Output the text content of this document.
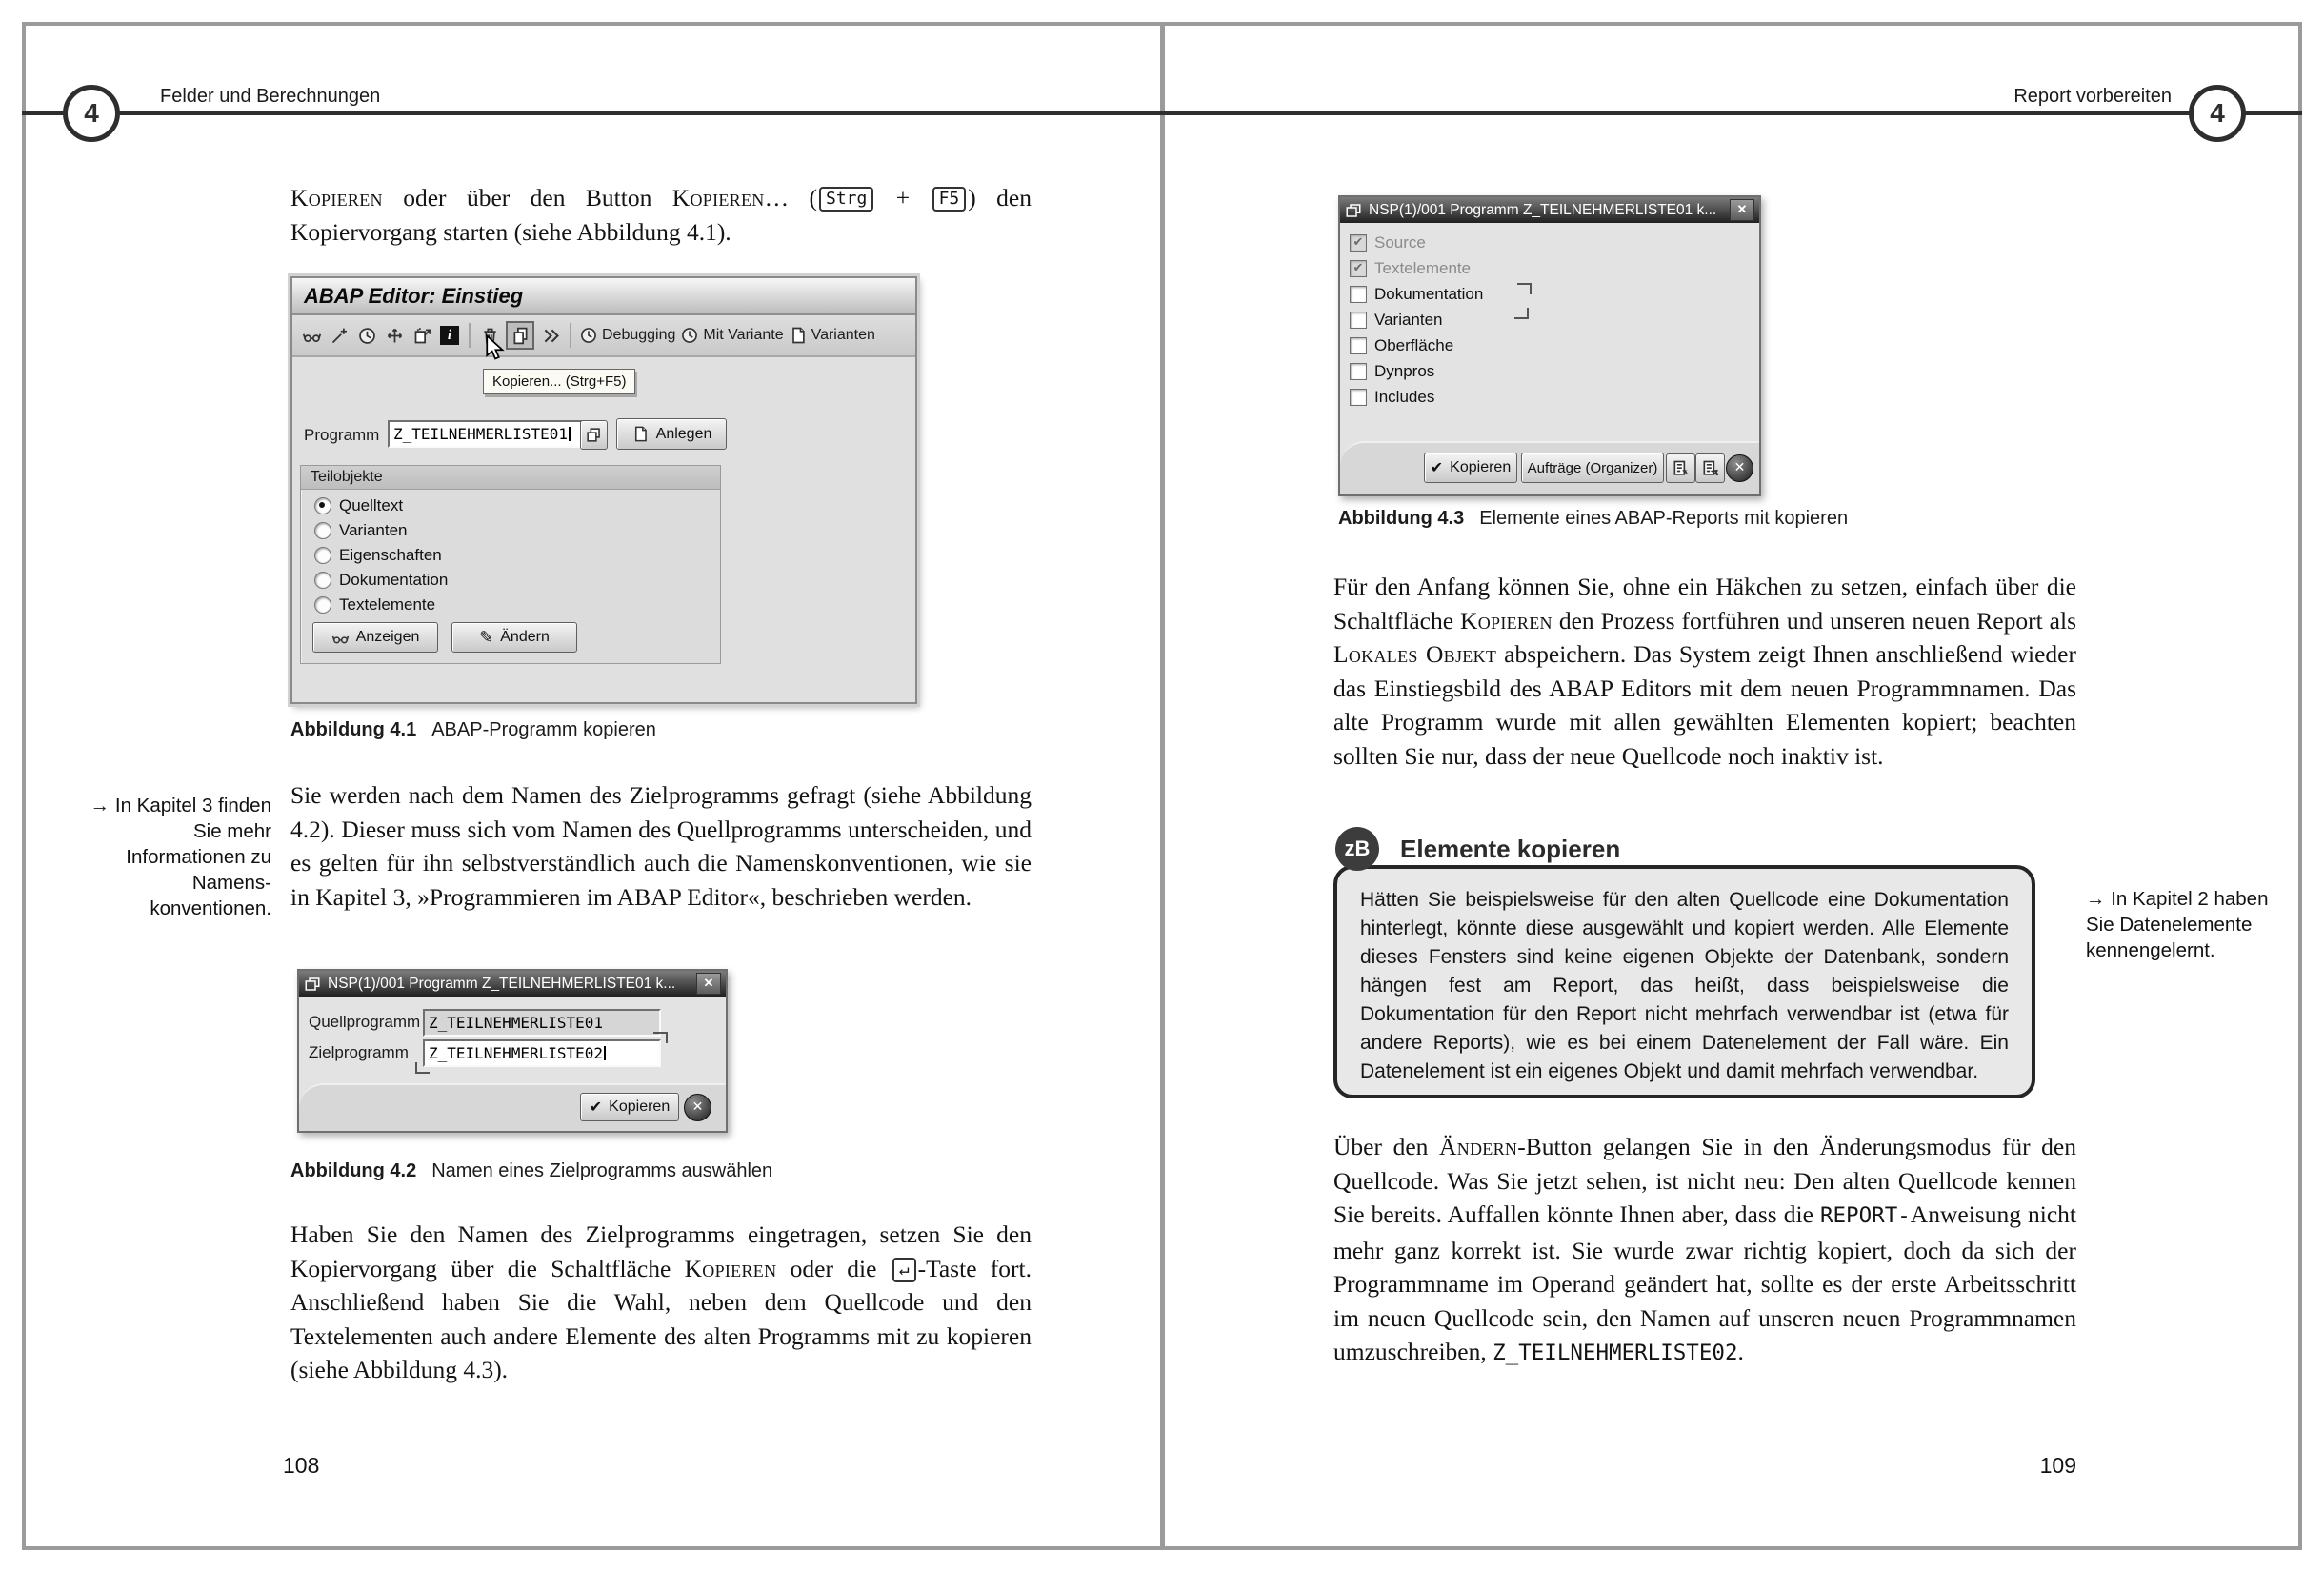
4
Felder und Berechnungen	Report vorbereiten
4
Kopieren oder über den Button Kopieren… ( Strg + F5 ) den Kopiervorgang starten (siehe Abbildung 4.1).
ABAP Editor: Einstieg
i	Debugging Mit Variante Varianten
Kopieren... (Strg+F5)
Programm Z_TEILNEHMERLISTE01	Anlegen
Teilobjekte
Quelltext
Varianten
Eigenschaften
Dokumentation
Textelemente
Anzeigen	✎ Ändern
Abbildung 4.1 ABAP-Programm kopieren
→ In Kapitel 3 finden Sie mehr Informationen zu Namenskonventionen.
Sie werden nach dem Namen des Zielprogramms gefragt (siehe Abbildung 4.2). Dieser muss sich vom Namen des Quellprogramms unterscheiden, und es gelten für ihn selbstverständlich auch die Namenskonventionen, wie sie in Kapitel 3, »Programmieren im ABAP Editor«, beschrieben werden.
NSP(1)/001 Programm Z_TEILNEHMERLISTE01 k...	✕
Quellprogramm Z_TEILNEHMERLISTE01
Zielprogramm	Z_TEILNEHMERLISTE02
✔ Kopieren	✕
Abbildung 4.2 Namen eines Zielprogramms auswählen
Haben Sie den Namen des Zielprogramms eingetragen, setzen Sie den Kopiervorgang über die Schaltfläche Kopieren oder die ↵ -Taste fort. Anschließend haben Sie die Wahl, neben dem Quellcode und den Textelementen auch andere Elemente des alten Programms mit zu kopieren (siehe Abbildung 4.3).
108
NSP(1)/001 Programm Z_TEILNEHMERLISTE01 k...	✕
✔ Source
✔ Textelemente
Dokumentation
Varianten
Oberfläche
Dynpros
Includes
✔ Kopieren Aufträge (Organizer)	✕
Abbildung 4.3 Elemente eines ABAP-Reports mit kopieren
Für den Anfang können Sie, ohne ein Häkchen zu setzen, einfach über die Schaltfläche Kopieren den Prozess fortführen und unseren neuen Report als Lokales Objekt abspeichern. Das System zeigt Ihnen anschließend wieder das Einstiegsbild des ABAP Editors mit dem neuen Programmnamen. Das alte Programm wurde mit allen gewählten Elementen kopiert; beachten sollten Sie nur, dass der neue Quellcode noch inaktiv ist.
zB	Elemente kopieren
Hätten Sie beispielsweise für den alten Quellcode eine Dokumentation hinterlegt, könnte diese ausgewählt und kopiert werden. Alle Elemente dieses Fensters sind keine eigenen Objekte der Datenbank, sondern hängen fest am Report, das heißt, dass beispielsweise die Dokumentation für den Report nicht mehrfach verwendbar ist (etwa für andere Reports), wie es bei einem Datenelement der Fall wäre. Ein Datenelement ist ein eigenes Objekt und damit mehrfach verwendbar.
→ In Kapitel 2 haben Sie Datenelemente kennengelernt.
Über den Ändern-Button gelangen Sie in den Änderungsmodus für den Quellcode. Was Sie jetzt sehen, ist nicht neu: Den alten Quellcode kennen Sie bereits. Auffallen könnte Ihnen aber, dass die REPORT-Anweisung nicht mehr ganz korrekt ist. Sie wurde zwar richtig kopiert, doch da sich der Programmname im Operand geändert hat, sollte es der erste Arbeitsschritt im neuen Quellcode sein, den Namen auf unseren neuen Programmnamen umzuschreiben, Z_TEILNEHMERLISTE02.
109
